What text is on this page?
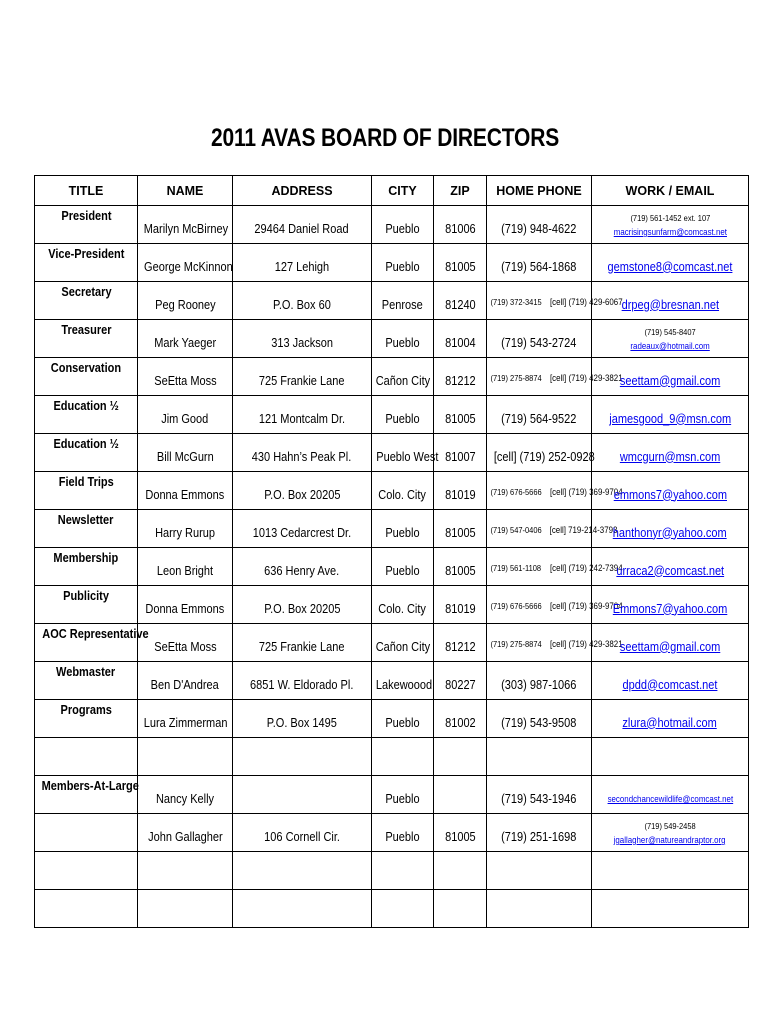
2011 AVAS BOARD OF DIRECTORS
TITLE	NAME	ADDRESS	CITY	ZIP	HOME PHONE	WORK / EMAIL
President	Marilyn McBirney	29464 Daniel Road	Pueblo	81006	(719) 948-4622	(719) 561-1452 ext. 107
macrisingsunfarm@comcast.net

Vice-President	George McKinnon	127 Lehigh	Pueblo	81005	(719) 564-1868	gemstone8@comcast.net

Secretary	Peg Rooney	P.O. Box 60	Penrose	81240	(719) 372-3415 [cell] (719) 429-6067	drpeg@bresnan.net

Treasurer	Mark Yaeger	313 Jackson	Pueblo	81004	(719) 543-2724	(719) 545-8407
radeaux@hotmail.com

Conservation	SeEtta Moss	725 Frankie Lane	Cañon City	81212	(719) 275-8874 [cell] (719) 429-3821	seettam@gmail.com

Education ½	Jim Good	121 Montcalm Dr.	Pueblo	81005	(719) 564-9522	jamesgood_9@msn.com

Education ½	Bill McGurn	430 Hahn’s Peak Pl.	Pueblo West	81007	[cell] (719) 252-0928	wmcgurn@msn.com

Field Trips	Donna Emmons	P.O. Box 20205	Colo. City	81019	(719) 676-5666 [cell] (719) 369-9704	emmons7@yahoo.com

Newsletter	Harry Rurup	1013 Cedarcrest Dr.	Pueblo	81005	(719) 547-0406 [cell] 719-214-3793	hanthonyr@yahoo.com

Membership	Leon Bright	636 Henry Ave.	Pueblo	81005	(719) 561-1108 [cell] (719) 242-7394	urraca2@comcast.net

Publicity	Donna Emmons	P.O. Box 20205	Colo. City	81019	(719) 676-5666 [cell] (719) 369-9704	Emmons7@yahoo.com

AOC Representative	SeEtta Moss	725 Frankie Lane	Cañon City	81212	(719) 275-8874 [cell] (719) 429-3821	seettam@gmail.com

Webmaster	Ben D'Andrea	6851 W. Eldorado Pl.	Lakewoood	80227	(303) 987-1066	dpdd@comcast.net

Programs	Lura Zimmerman	P.O. Box 1495	Pueblo	81002	(719) 543-9508	zlura@hotmail.com

Members-At-Large	Nancy Kelly		Pueblo		(719) 543-1946	secondchancewildlife@comcast.net

	John Gallagher	106 Cornell Cir.	Pueblo	81005	(719) 251-1698	(719) 549-2458
jgallagher@natureandraptor.org
